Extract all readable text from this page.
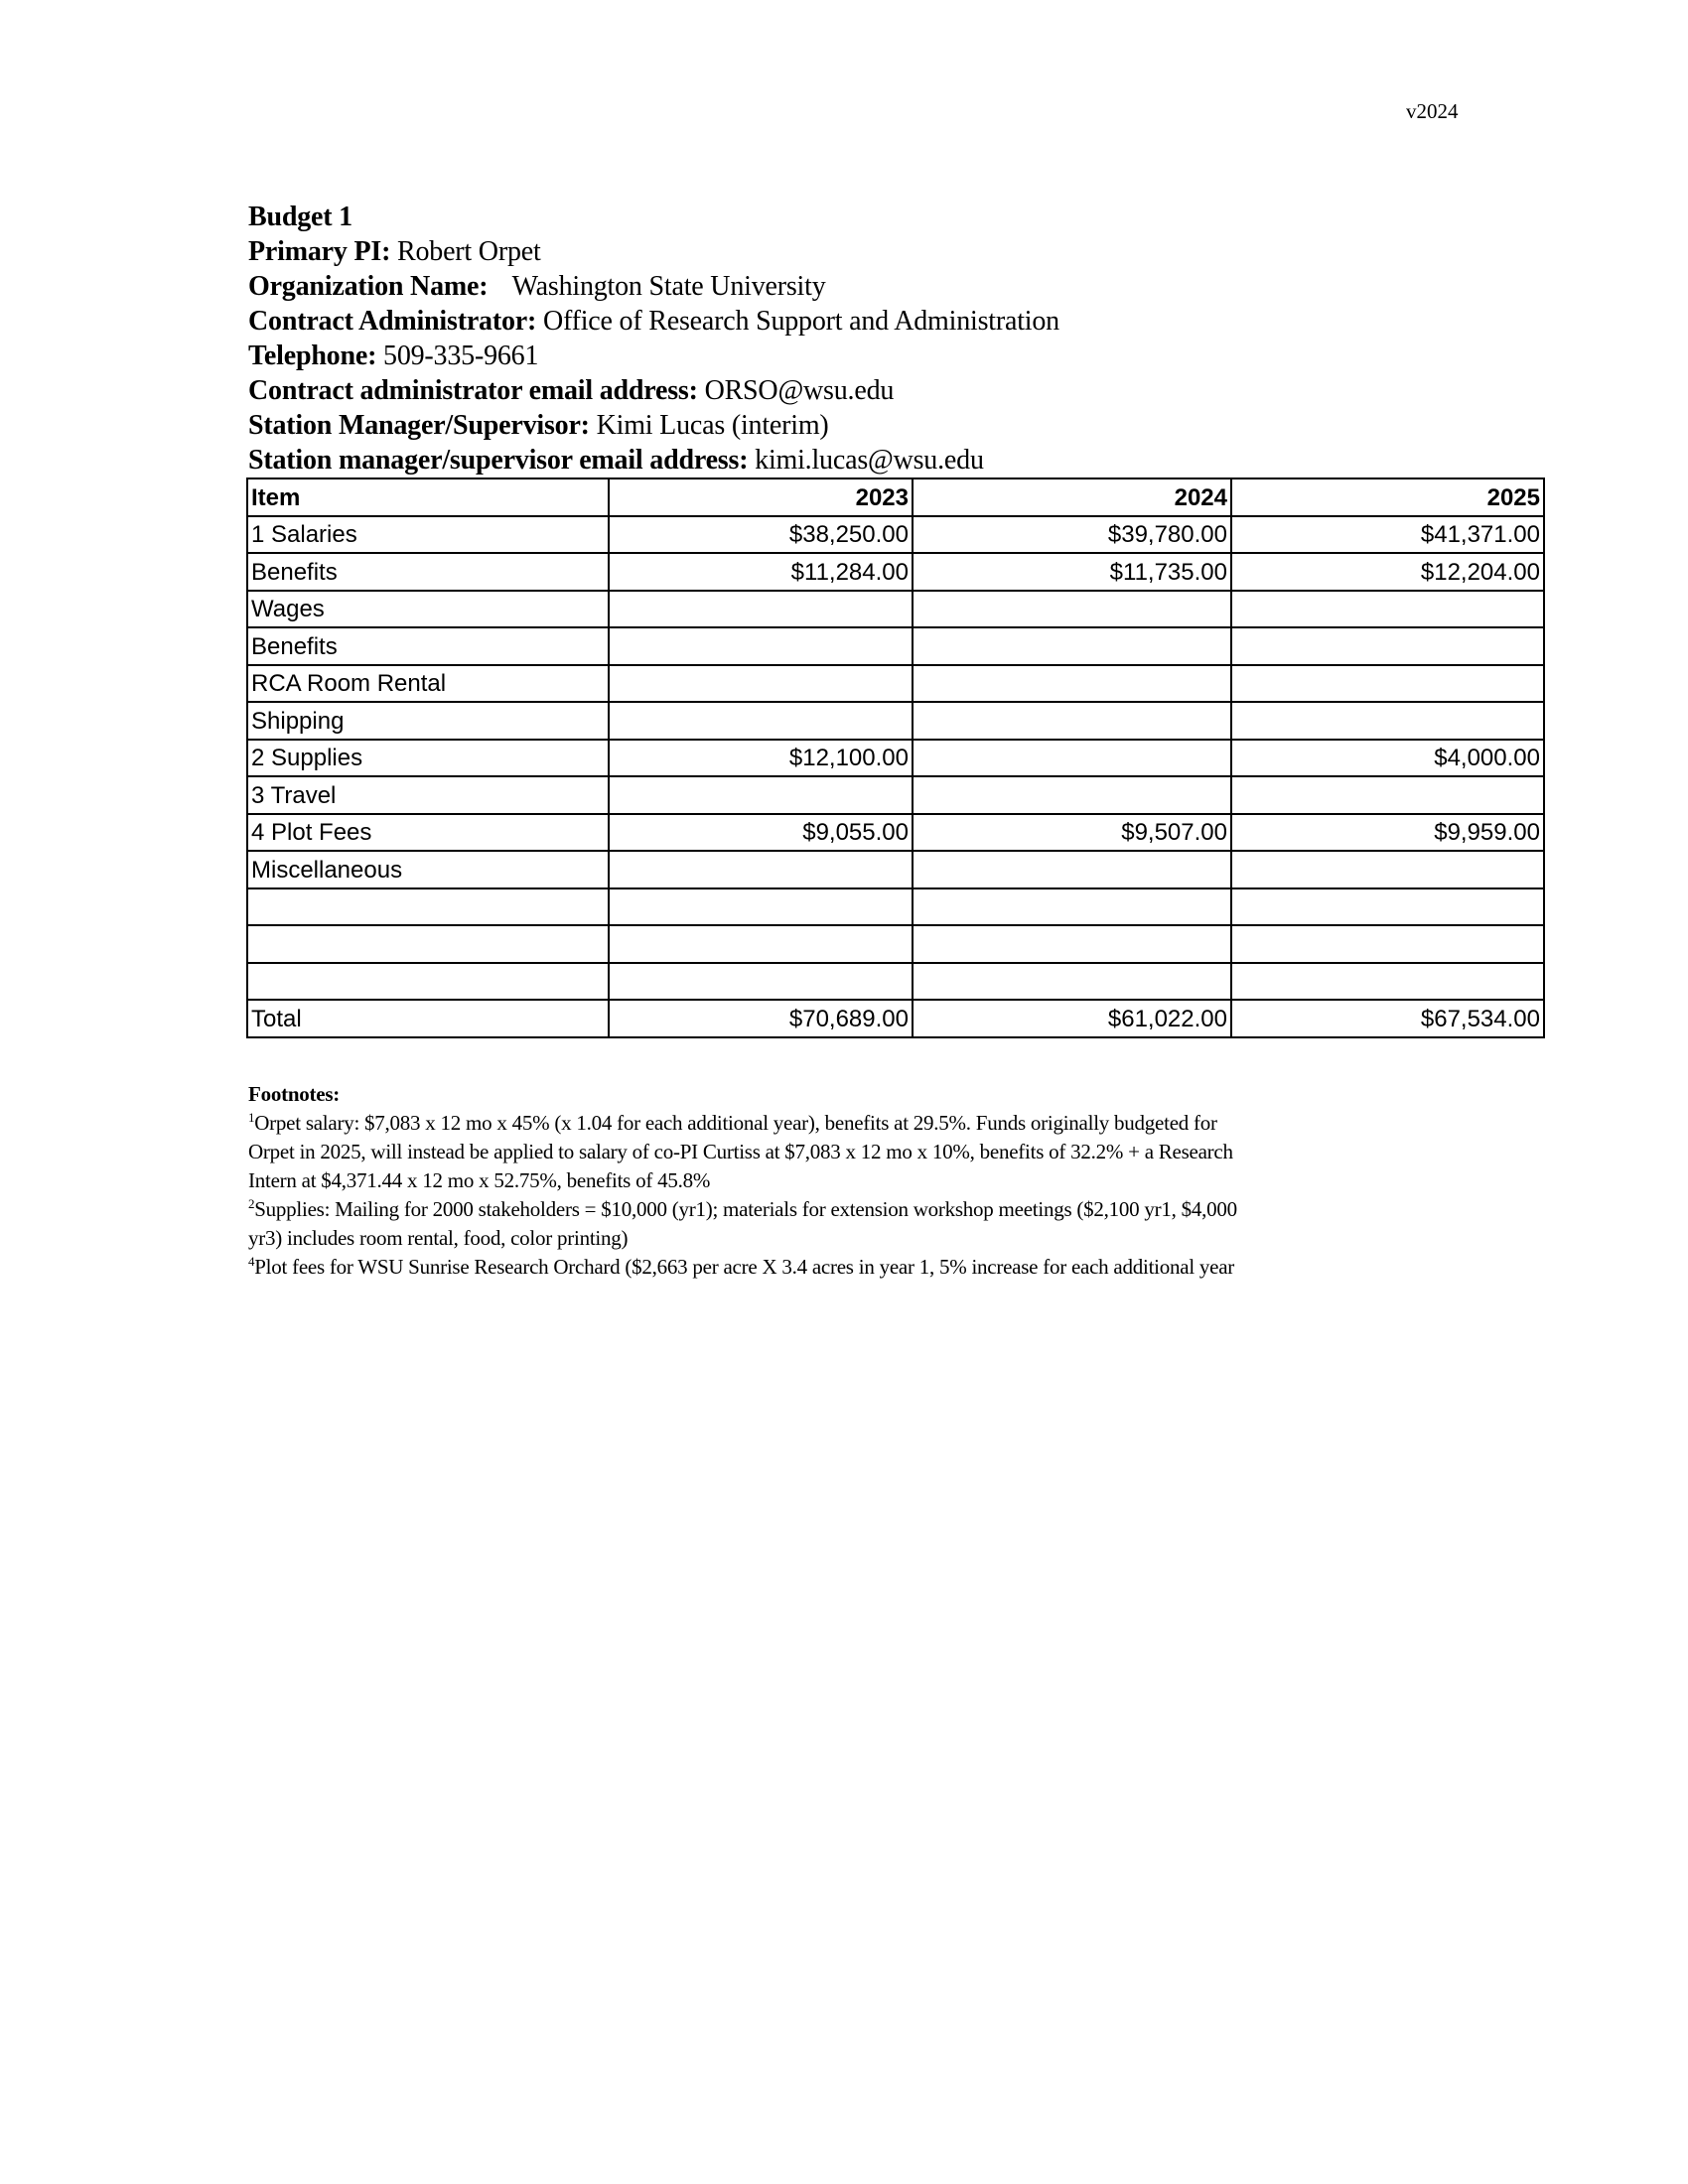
v2024
Budget 1
Primary PI: Robert Orpet
Organization Name: Washington State University
Contract Administrator: Office of Research Support and Administration
Telephone: 509-335-9661
Contract administrator email address: ORSO@wsu.edu
Station Manager/Supervisor: Kimi Lucas (interim)
Station manager/supervisor email address: kimi.lucas@wsu.edu
Item	2023	2024	2025
1 Salaries	$38,250.00	$39,780.00	$41,371.00
Benefits	$11,284.00	$11,735.00	$12,204.00
Wages			
Benefits			
RCA Room Rental			
Shipping			
2 Supplies	$12,100.00		$4,000.00
3 Travel			
4 Plot Fees	$9,055.00	$9,507.00	$9,959.00
Miscellaneous			

Total	$70,689.00	$61,022.00	$67,534.00
Footnotes:
$^1$Orpet salary: $7,083 x 12 mo x 45% (x 1.04 for each additional year), benefits at 29.5%. Funds originally budgeted for
Orpet in 2025, will instead be applied to salary of co-PI Curtiss at $7,083 x 12 mo x 10%, benefits of 32.2% + a Research
Intern at $4,371.44 x 12 mo x 52.75%, benefits of 45.8%
$^2$Supplies: Mailing for 2000 stakeholders = $10,000 (yr1); materials for extension workshop meetings ($2,100 yr1, $4,000
yr3) includes room rental, food, color printing)
$^4$Plot fees for WSU Sunrise Research Orchard ($2,663 per acre X 3.4 acres in year 1, 5% increase for each additional year
